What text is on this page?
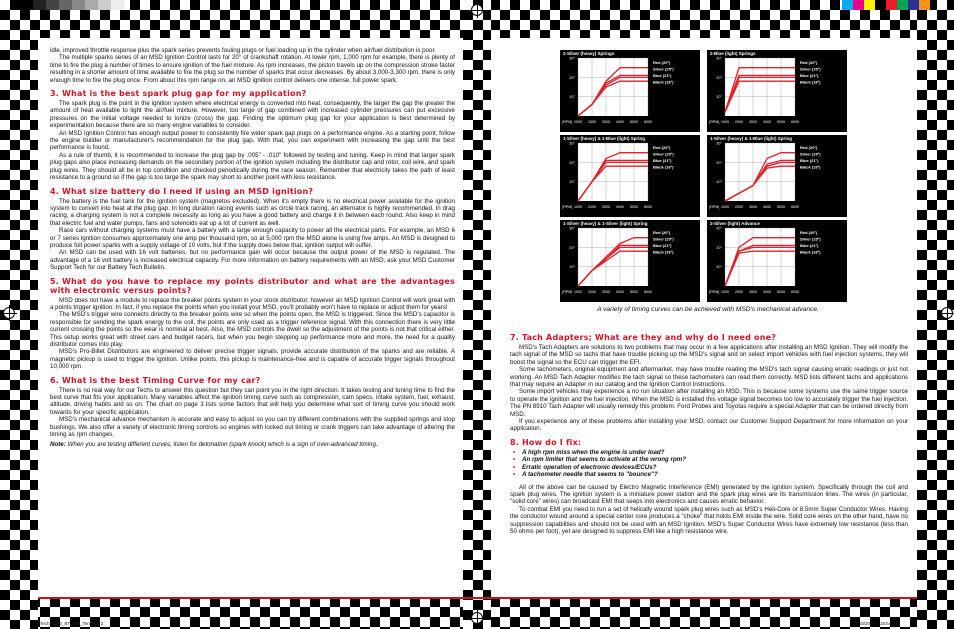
idle, improved throttle response plus the spark series prevents fouling plugs or fuel loading up in the cylinder when air/fuel distribution is poor.

The multiple sparks series of an MSD Ignition Control lasts for 20° of crankshaft rotation. At lower rpm, 1,000 rpm for example, there is plenty of time to fire the plug a number of times to ensure ignition of the fuel mixture. As rpm increases, the piston travels up on the compression stroke faster resulting in a shorter amount of time available to fire the plug so the number of sparks that occur decreases. By about 3,000-3,300 rpm, there is only enough time to fire the plug once. From about this rpm range on, an MSD ignition control delivers one intense, full power spark.

3. What is the best spark plug gap for my application?

The spark plug is the point in the ignition system where electrical energy is converted into heat, consequently, the larger the gap the greater the amount of heat available to light the air/fuel mixture. However, too large of gap combined with increased cylinder pressures can put excessive pressures on the initial voltage needed to ionize (cross) the gap. Finding the optimum plug gap for your application is best determined by experimentation because there are so many engine variables to consider.

An MSD Ignition Control has enough output power to consistently fire wider spark gap plugs on a performance engine. As a starting point, follow the engine builder or manufacturer's recommendation for the plug gap. With that, you can experiment with increasing the gap until the best performance is found.

As a rule of thumb, it is recommended to increase the plug gap by .005" - .010" followed by testing and tuning. Keep in mind that larger spark plug gaps also place increasing demands on the secondary portion of the ignition system including the distributor cap and rotor, coil wire, and spark plug wires. They should all be in top condition and checked periodically during the race season. Remember that electricity takes the path of least resistance to a ground so if the gap is too large the spark may short to another point with less resistance.

4. What size battery do I need if using an MSD ignition?

The battery is the fuel tank for the ignition system (magnetos excluded). When it's empty there is no electrical power available for the ignition system to convert into heat at the plug gap. In long duration racing events such as circle track racing, an alternator is highly recommended. In drag racing, a charging system is not a complete necessity as long as you have a good battery and charge it in between each round. Also keep in mind that electric fuel and water pumps, fans and solenoids eat up a lot of current as well.

Race cars without charging systems must have a battery with a large enough capacity to power all the electrical parts. For example, an MSD 6 or 7 series ignition consumes approximately one amp per thousand rpm, so at 5,000 rpm the MSD alone is using five amps. An MSD is designed to produce full power sparks with a supply voltage of 10 volts, but if the supply does below that, ignition output will suffer.

An MSD can be used with 16 volt batteries, but no performance gain will occur because the output power of the MSD is regulated. The advantage of a 16 volt battery is increased electrical capacity. For more information on battery requirements with an MSD, ask your MSD Customer Support Tech for our Battery Tech Bulletin.

5. What do you have to replace my points distributor and what are the advantages with electronic versus points?

MSD does not have a module to replace the breaker points system in your stock distributor, however an MSD Ignition Control will work great with a points trigger ignition. In fact, if you replace the points when you install your MSD, you'll probably won't have to replace or adjust them for years!

The MSD's trigger wire connects directly to the breaker points wire so when the points open, the MSD is triggered. Since the MSD's capacitor is responsible for sending the spark energy to the coil, the points are only used as a trigger reference signal. With this connection there is very little current crossing the points so the wear is nominal at best. Also, the MSD controls the dwell so the adjustment of the points is not that critical either. This setup works great with street cars and budget racers, but when you begin stepping up performance more and more, the need for a quality distributor comes into play.

MSD's Pro-Billet Distributors are engineered to deliver precise trigger signals, provide accurate distribution of the sparks and are reliable. A magnetic pickup is used to trigger the ignition. Unlike points, this pickup is maintenance-free and is capable of accurate trigger signals throughout 10,000 rpm.

6. What is the best Timing Curve for my car?

There is no real way for our Techs to answer this question but they can point you in the right direction. It takes testing and tuning time to find the best curve that fits your application. Many variables affect the ignition timing curve such as compression, cam specs, intake system, fuel, exhaust, altitude, driving habits and so on. The chart on page 3 lists some factors that will help you determine what sort of timing curve you should work towards for your specific application.

MSD's mechanical advance mechanism is accurate and easy to adjust so you can try different combinations with the supplied springs and stop bushings. We also offer a variety of electronic timing controls so engines with locked out timing or crank triggers can take advantage of altering the timing as rpm changes.

Note: When you are testing different curves, listen for detonation (spark knock) which is a sign of over-advanced timing.

1000 2000 3000 4000 5000 6000
(RPM)
10°
20°
30°
Red (20°)
Silver (25°)
Blue (21°)
Black (18°)
2-Silver (heavy) Springs
1000 2000 3000 4000 5000 6000
(RPM)
10°
20°
30°
Red (20°)
Silver (25°)
Blue (21°)
Black (18°)
2-Blue (light) Springs
1000 2000 3000 4000 5000 6000
(RPM)
10°
20°
30°
Red (20°)
Silver (25°)
Blue (21°)
Black (18°)
1-Silver (heavy) & 1-Blue (light) Spring
1000 2000 3000 4000 5000 6000
(RPM)
10°
20°
30°
Red (20°)
Silver (25°)
Blue (21°)
Black (18°)
1-Silver (heavy) & 1-Blue (light) Spring
1000 2000 3000 4000 5000 6000
(RPM)
10°
20°
30°
Red (20°)
Silver (25°)
Blue (21°)
Black (18°)
1-Silver (heavy) & 1-Silver (light) Spring
1000 2000 3000 4000 5000 6000
(RPM)
10°
20°
30°
Red (20°)
Silver (25°)
Blue (21°)
Black (18°)
2-Silver (light) Advance
A variety of timing curves can be achieved with MSD's mechanical advance.
7. Tach Adapters; What are they and why do I need one?

MSD's Tach Adapters are solutions to two problems that may occur in a few applications after installing an MSD Ignition. They will modify the tach signal of the MSD so tachs that have trouble picking up the MSD's signal and on select import vehicles with fuel injection systems, they will boost the signal so the ECU can trigger the EFI.

Some tachometers, original equipment and aftermarket, may have trouble reading the MSD's tach signal causing erratic readings or just not working. An MSD Tach Adapter modifies the tach signal so these tachometers can read them correctly. MSD lists different tachs and applications that may require an Adapter in our catalog and the Ignition Control Instructions.

Some import vehicles may experience a no run situation after installing an MSD. This is because some systems use the same trigger source to operate the ignition and the fuel injection. When the MSD is installed this voltage signal becomes too low to accurately trigger the fuel injection. The PN 8910 Tach Adapter will usually remedy this problem. Ford Probes and Toyotas require a special Adapter that can be ordered directly from MSD.

If you experience any of these problems after installing your MSD, contact our Customer Support Department for more information on your application.

8. How do I fix:
• A high rpm miss when the engine is under load?
• An rpm limiter that seems to activate at the wrong rpm?
• Erratic operation of electronic devices/ECUs?
• A tachometer needle that seems to "bounce"?

All of the above can be caused by Electro Magnetic Interference (EMI) generated by the ignition system. Specifically through the coil and spark plug wires. The ignition system is a miniature power station and the spark plug wires are its transmission lines. The wires (in particular, "solid core" wires) can broadcast EMI that seeps into electronics and causes erratic behavior.

To combat EMI you need to run a set of helically wound spark plug wires such as MSD's Heli-Core or 8.5mm Super Conductor Wires. Having the conductor wound around a special center core produces a "choke" that holds EMI inside the wire. Solid core wires on the other hand, have no suppression capabilities and should not be used with an MSD Ignition. MSD's Super Conductor Wires have extremely low resistance (less than 50 ohms per foot), yet are designed to suppress EMI like a high resistance wire.

Tech_2000_BT_Top_Ten.indd 2	2/18/2008 1:18:54 PM
